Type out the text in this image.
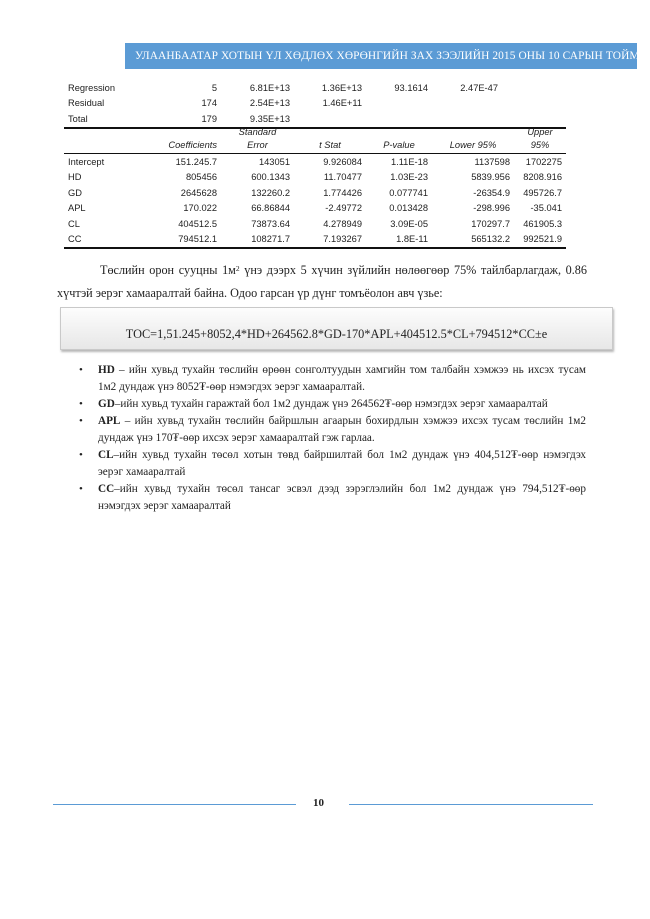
УЛААНБААТАР ХОТЫН ҮЛ ХӨДЛӨХ ХӨРӨНГИЙН ЗАХ ЗЭЭЛИЙН 2015 ОНЫ 10 САРЫН ТОЙМ
Regression	5	6.81E+13	1.36E+13	93.1614	2.47E-47	
Residual	174	2.54E+13	1.46E+11			
Total	179	9.35E+13				
		Standard				Upper
	Coefficients	Error	t Stat	P-value	Lower 95%	95%
Intercept	151.245.7	143051	9.926084	1.11E-18	1137598	1702275
HD	805456	600.1343	11.70477	1.03E-23	5839.956	8208.916
GD	2645628	132260.2	1.774426	0.077741	-26354.9	495726.7
APL	170.022	66.86844	-2.49772	0.013428	-298.996	-35.041
CL	404512.5	73873.64	4.278949	3.09E-05	170297.7	461905.3
CC	794512.1	108271.7	7.193267	1.8E-11	565132.2	992521.9
Төслийн орон сууцны $1м^2$ үнэ дээрх 5 хүчин зүйлийн нөлөөгөөр 75% тайлбарлагдаж, 0.86 хүчтэй эерэг хамааралтай байна. Одоо гарсан үр дүнг томъёолон авч үзье:
TOC=1,51.245+8052,4*HD+264562.8*GD-170*APL+404512.5*CL+794512*CC±e
• HD – ийн хувьд тухайн төслийн өрөөн сонголтуудын хамгийн том талбайн хэмжээ нь ихсэх тусам 1м2 дундаж үнэ 8052₮-өөр нэмэгдэх эерэг хамааралтай.
• GD–ийн хувьд тухайн гаражтай бол 1м2 дундаж үнэ 264562₮-өөр нэмэгдэх эерэг хамааралтай
• APL – ийн хувьд тухайн төслийн байршлын агаарын бохирдлын хэмжээ ихсэх тусам төслийн 1м2 дундаж үнэ 170₮-өөр ихсэх эерэг хамааралтай гэж гарлаа.
• CL–ийн хувьд тухайн төсөл хотын төвд байршилтай бол 1м2 дундаж үнэ 404,512₮-өөр нэмэгдэх эерэг хамааралтай
• CC–ийн хувьд тухайн төсөл тансаг эсвэл дээд зэрэглэлийн бол 1м2 дундаж үнэ 794,512₮-өөр нэмэгдэх эерэг хамааралтай
10
